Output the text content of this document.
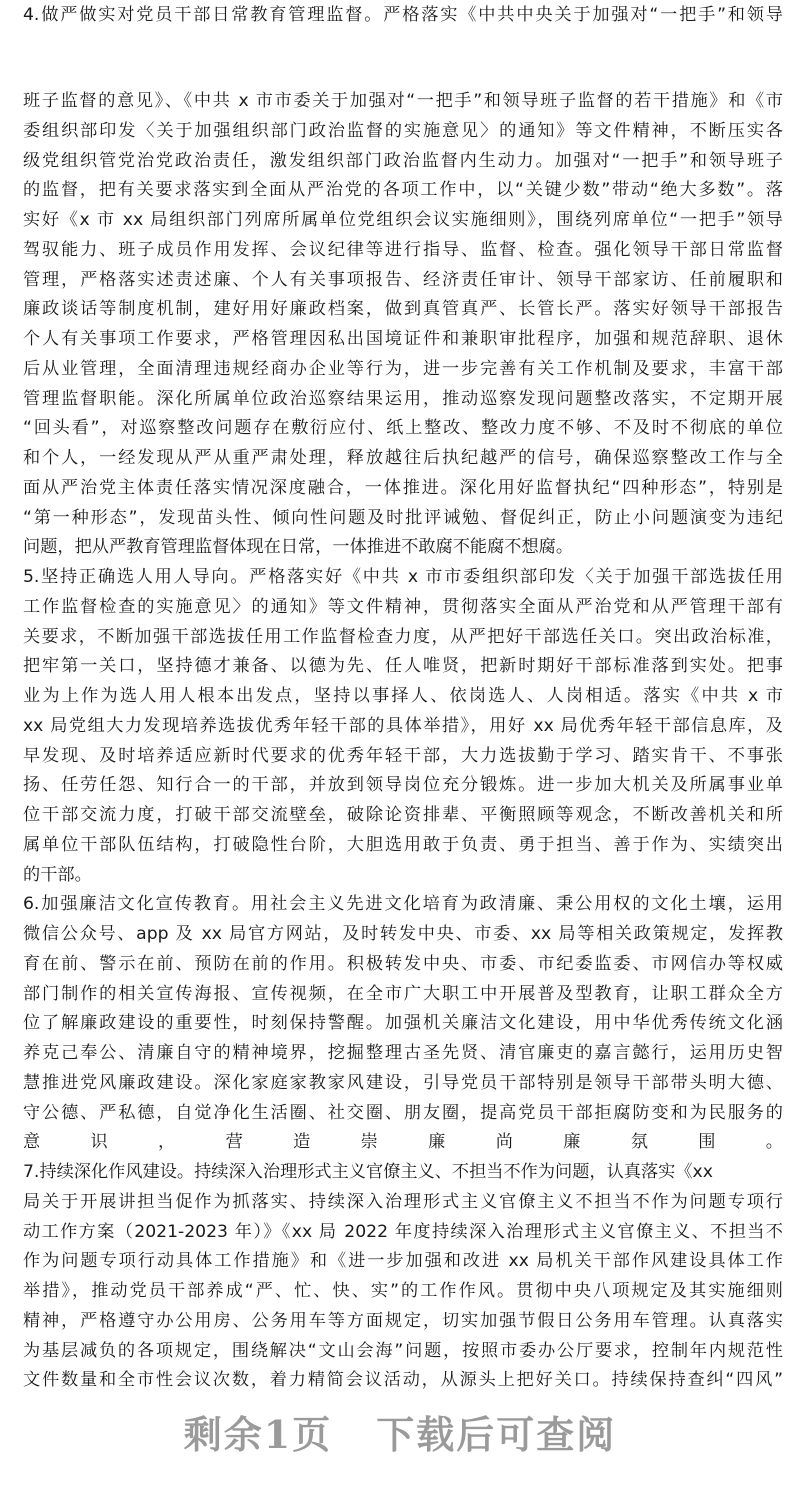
4.做严做实对党员干部日常教育管理监督。严格落实《中共中央关于加强对“一把手”和领导
班子监督的意见》、《中共 x 市市委关于加强对“一把手”和领导班子监督的若干措施》和《市
委组织部印发〈关于加强组织部门政治监督的实施意见〉的通知》等文件精神，不断压实各
级党组织管党治党政治责任，激发组织部门政治监督内生动力。加强对“一把手”和领导班子
的监督，把有关要求落实到全面从严治党的各项工作中，以“关键少数”带动“绝大多数”。落
实好《x 市 xx 局组织部门列席所属单位党组织会议实施细则》，围绕列席单位“一把手”领导
驾驭能力、班子成员作用发挥、会议纪律等进行指导、监督、检查。强化领导干部日常监督
管理，严格落实述责述廉、个人有关事项报告、经济责任审计、领导干部家访、任前履职和
廉政谈话等制度机制，建好用好廉政档案，做到真管真严、长管长严。落实好领导干部报告
个人有关事项工作要求，严格管理因私出国境证件和兼职审批程序，加强和规范辞职、退休
后从业管理，全面清理违规经商办企业等行为，进一步完善有关工作机制及要求，丰富干部
管理监督职能。深化所属单位政治巡察结果运用，推动巡察发现问题整改落实，不定期开展
“回头看”，对巡察整改问题存在敷衍应付、纸上整改、整改力度不够、不及时不彻底的单位
和个人，一经发现从严从重严肃处理，释放越往后执纪越严的信号，确保巡察整改工作与全
面从严治党主体责任落实情况深度融合，一体推进。深化用好监督执纪“四种形态”，特别是
“第一种形态”，发现苗头性、倾向性问题及时批评诫勉、督促纠正，防止小问题演变为违纪
问题，把从严教育管理监督体现在日常，一体推进不敢腐不能腐不想腐。
5.坚持正确选人用人导向。严格落实好《中共 x 市市委组织部印发〈关于加强干部选拔任用
工作监督检查的实施意见〉的通知》等文件精神，贯彻落实全面从严治党和从严管理干部有
关要求，不断加强干部选拔任用工作监督检查力度，从严把好干部选任关口。突出政治标准，
把牢第一关口，坚持德才兼备、以德为先、任人唯贤，把新时期好干部标准落到实处。把事
业为上作为选人用人根本出发点，坚持以事择人、依岗选人、人岗相适。落实《中共 x 市
xx 局党组大力发现培养选拔优秀年轻干部的具体举措》，用好 xx 局优秀年轻干部信息库，及
早发现、及时培养适应新时代要求的优秀年轻干部，大力选拔勤于学习、踏实肯干、不事张
扬、任劳任怨、知行合一的干部，并放到领导岗位充分锻炼。进一步加大机关及所属事业单
位干部交流力度，打破干部交流壁垒，破除论资排辈、平衡照顾等观念，不断改善机关和所
属单位干部队伍结构，打破隐性台阶，大胆选用敢于负责、勇于担当、善于作为、实绩突出
的干部。
6.加强廉洁文化宣传教育。用社会主义先进文化培育为政清廉、秉公用权的文化土壤，运用
微信公众号、app 及 xx 局官方网站，及时转发中央、市委、xx 局等相关政策规定，发挥教
育在前、警示在前、预防在前的作用。积极转发中央、市委、市纪委监委、市网信办等权威
部门制作的相关宣传海报、宣传视频，在全市广大职工中开展普及型教育，让职工群众全方
位了解廉政建设的重要性，时刻保持警醒。加强机关廉洁文化建设，用中华优秀传统文化涵
养克己奉公、清廉自守的精神境界，挖掘整理古圣先贤、清官廉吏的嘉言懿行，运用历史智
慧推进党风廉政建设。深化家庭家教家风建设，引导党员干部特别是领导干部带头明大德、
守公德、严私德，自觉净化生活圈、社交圈、朋友圈，提高党员干部拒腐防变和为民服务的
意识，营造崇廉尚廉氛围。
7.持续深化作风建设。持续深入治理形式主义官僚主义、不担当不作为问题，认真落实《xx
局关于开展讲担当促作为抓落实、持续深入治理形式主义官僚主义不担当不作为问题专项行
动工作方案（2021-2023 年）》《xx 局 2022 年度持续深入治理形式主义官僚主义、不担当不
作为问题专项行动具体工作措施》和《进一步加强和改进 xx 局机关干部作风建设具体工作
举措》，推动党员干部养成“严、忙、快、实”的工作作风。贯彻中央八项规定及其实施细则
精神，严格遵守办公用房、公务用车等方面规定，切实加强节假日公务用车管理。认真落实
为基层减负的各项规定，围绕解决“文山会海”问题，按照市委办公厅要求，控制年内规范性
文件数量和全市性会议次数，着力精简会议活动，从源头上把好关口。持续保持查纠“四风”
剩余1页 下载后可查阅
